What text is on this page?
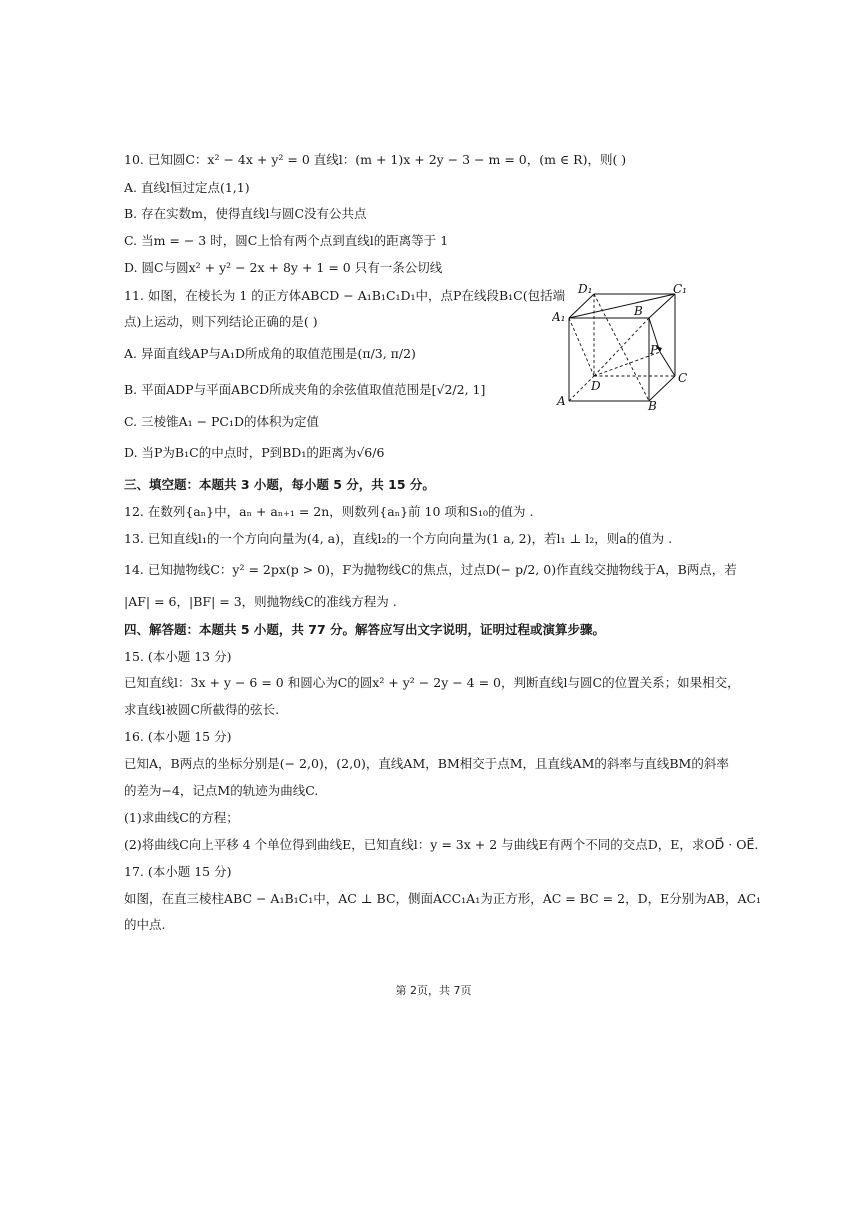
10. 已知圆C：x² − 4x + y² = 0 直线l：(m + 1)x + 2y − 3 − m = 0，(m ∈ R)，则( )
A. 直线l恒过定点(1,1)
B. 存在实数m，使得直线l与圆C没有公共点
C. 当m = − 3 时，圆C上恰有两个点到直线l的距离等于 1
D. 圆C与圆x² + y² − 2x + 8y + 1 = 0 只有一条公切线
11. 如图，在棱长为 1 的正方体ABCD − A₁B₁C₁D₁中，点P在线段B₁C(包括端
点)上运动，则下列结论正确的是( )
A. 异面直线AP与A₁D所成角的取值范围是(π/3, π/2)
B. 平面ADP与平面ABCD所成夹角的余弦值取值范围是[√2/2, 1]
C. 三棱锥A₁ − PC₁D的体积为定值
D. 当P为B₁C的中点时，P到BD₁的距离为√6/6
D₁	C₁
A₁	B
P
C
D
A	B
三、填空题：本题共 3 小题，每小题 5 分，共 15 分。
12. 在数列{aₙ}中，aₙ + aₙ₊₁ = 2n，则数列{aₙ}前 10 项和S₁₀的值为 .
13. 已知直线l₁的一个方向向量为(4, a)，直线l₂的一个方向向量为(1 a, 2)，若l₁ ⊥ l₂，则a的值为 .
14. 已知抛物线C：y² = 2px(p > 0)，F为抛物线C的焦点，过点D(− p/2, 0)作直线交抛物线于A，B两点，若
|AF| = 6，|BF| = 3，则抛物线C的准线方程为 .
四、解答题：本题共 5 小题，共 77 分。解答应写出文字说明，证明过程或演算步骤。
15. (本小题 13 分)
已知直线l：3x + y − 6 = 0 和圆心为C的圆x² + y² − 2y − 4 = 0，判断直线l与圆C的位置关系；如果相交，
求直线l被圆C所截得的弦长.
16. (本小题 15 分)
已知A，B两点的坐标分别是(− 2,0)，(2,0)，直线AM，BM相交于点M，且直线AM的斜率与直线BM的斜率
的差为−4，记点M的轨迹为曲线C.
(1)求曲线C的方程；
(2)将曲线C向上平移 4 个单位得到曲线E，已知直线l：y = 3x + 2 与曲线E有两个不同的交点D，E，求OD⃗ · OE⃗.
17. (本小题 15 分)
如图，在直三棱柱ABC − A₁B₁C₁中，AC ⊥ BC，侧面ACC₁A₁为正方形，AC = BC = 2，D，E分别为AB，AC₁
的中点.
第 2页，共 7页
